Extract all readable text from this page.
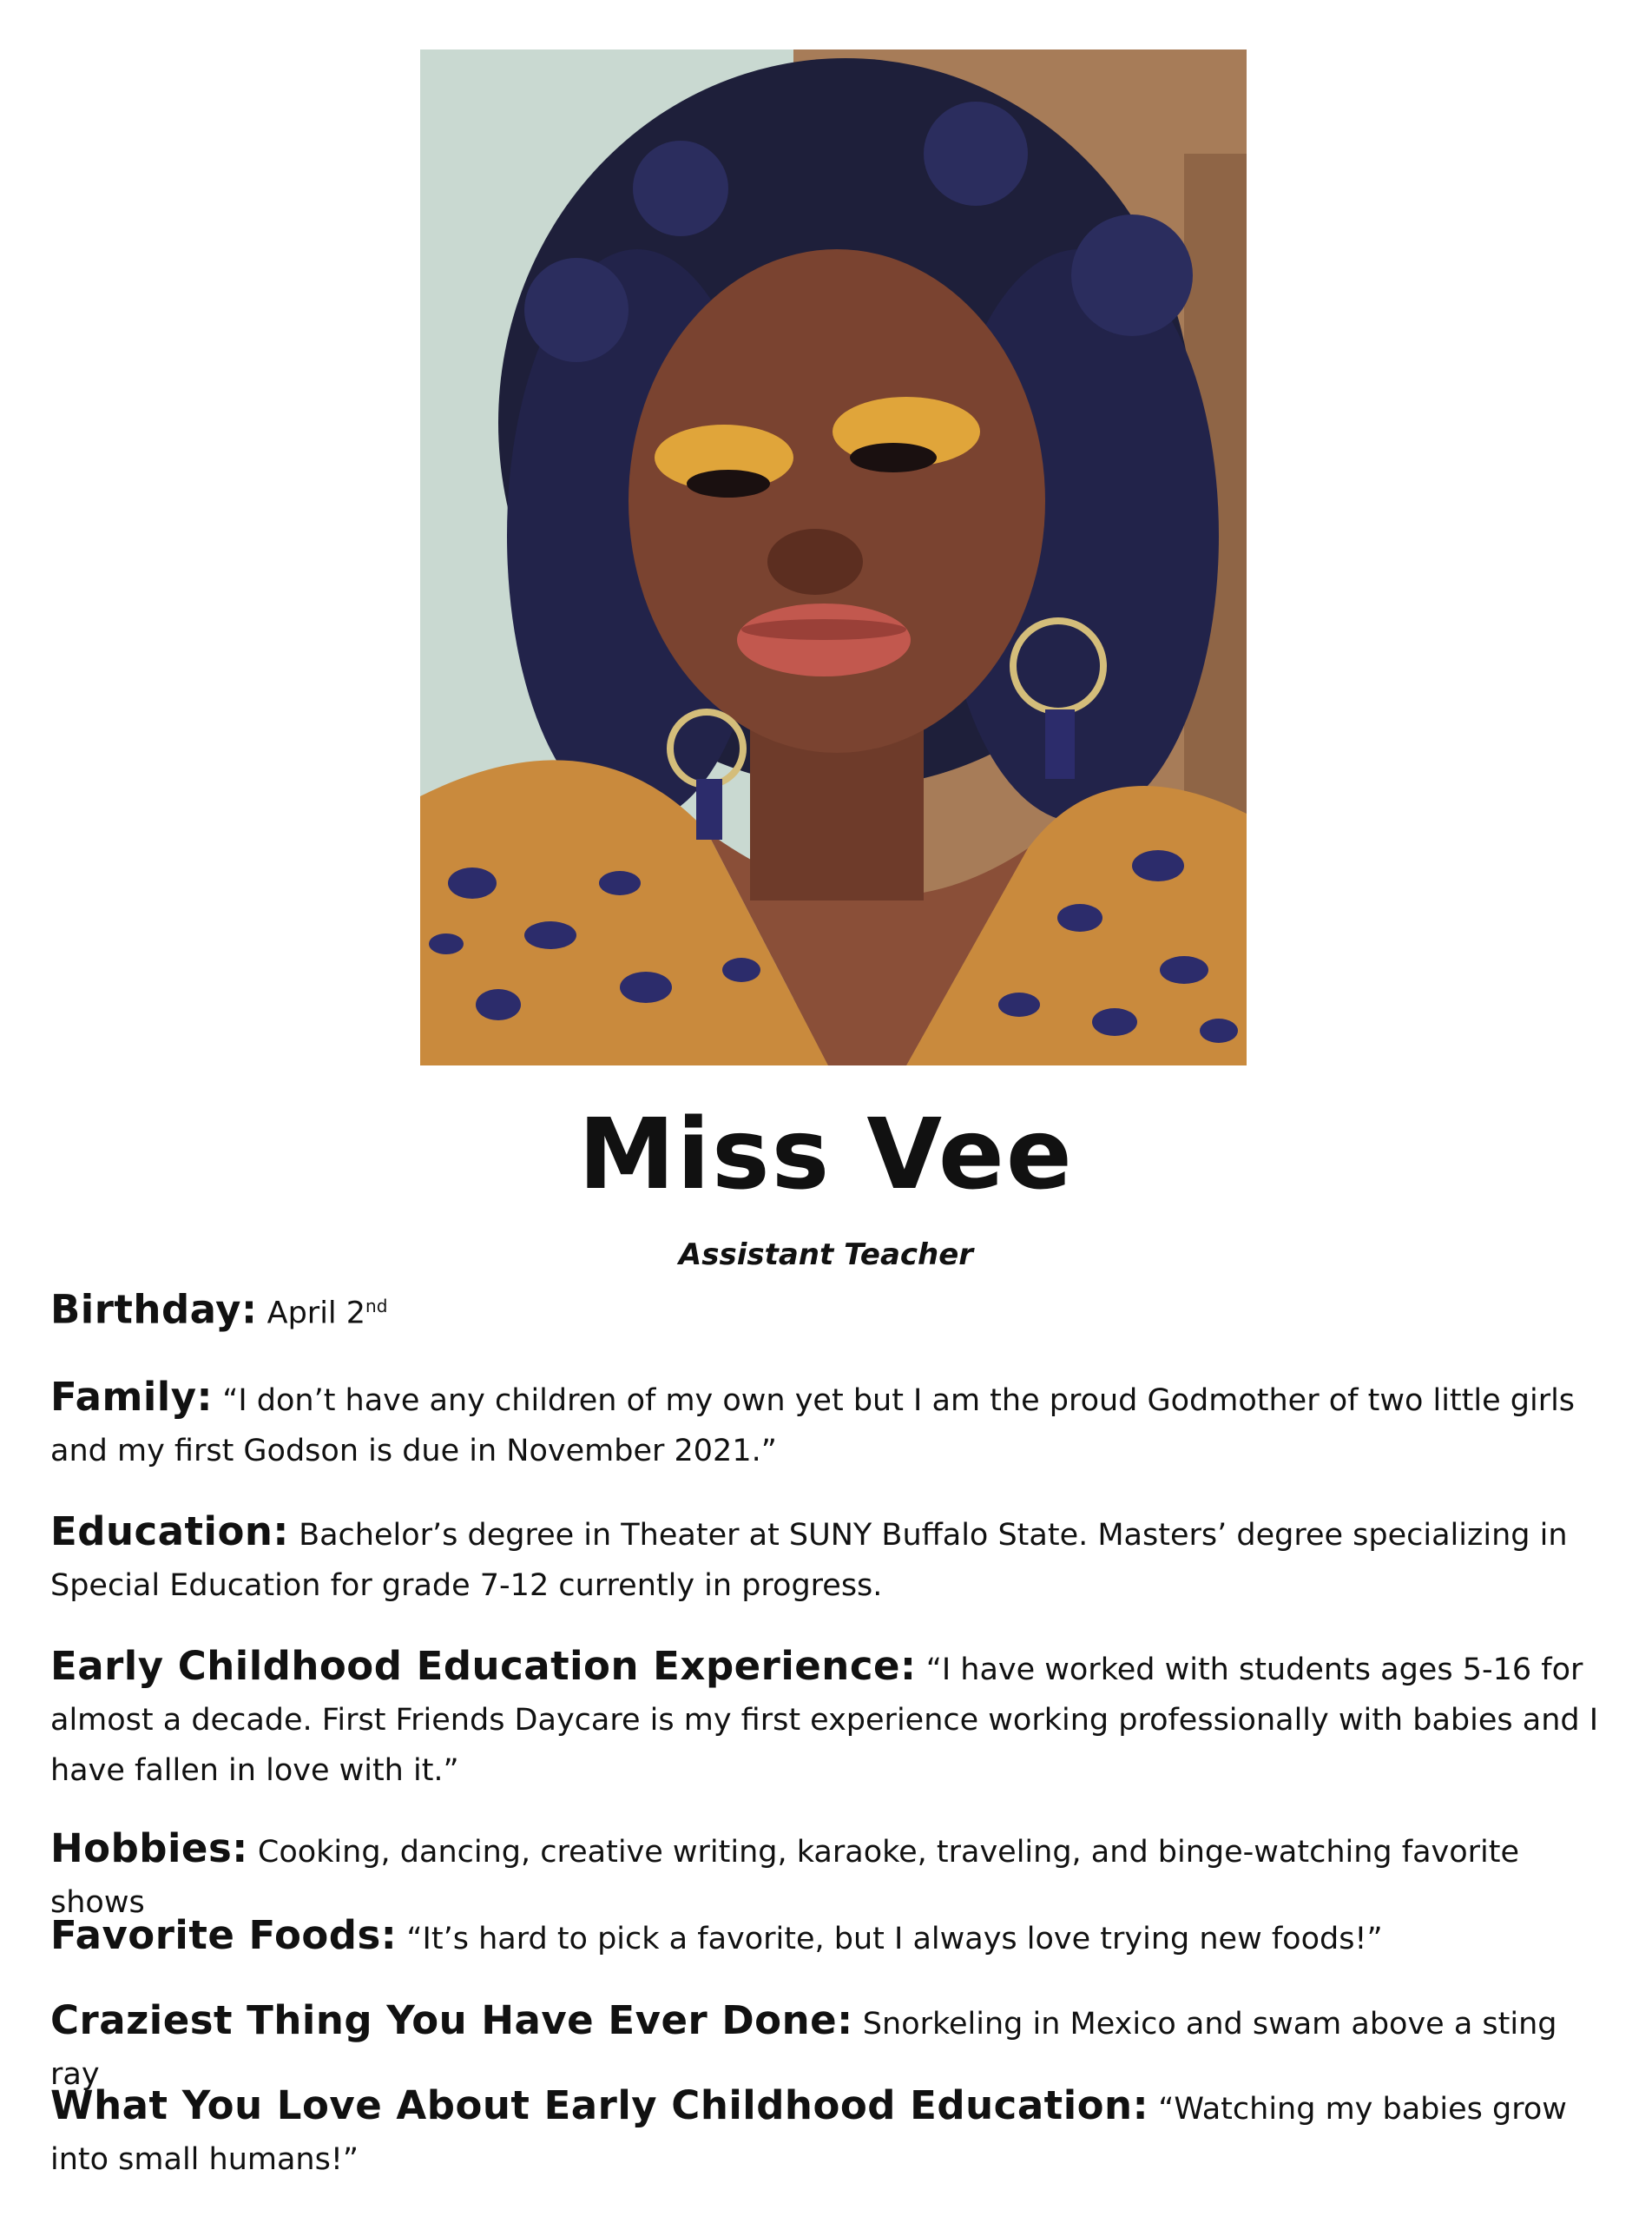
Miss Vee
Assistant Teacher
Birthday: April 2nd
Family: “I don’t have any children of my own yet but I am the proud Godmother of two little girls and my first Godson is due in November 2021.”
Education: Bachelor’s degree in Theater at SUNY Buffalo State. Masters’ degree specializing in Special Education for grade 7-12 currently in progress.
Early Childhood Education Experience: “I have worked with students ages 5-16 for almost a decade. First Friends Daycare is my first experience working professionally with babies and I have fallen in love with it.”
Hobbies: Cooking, dancing, creative writing, karaoke, traveling, and binge-watching favorite shows
Favorite Foods: “It’s hard to pick a favorite, but I always love trying new foods!”
Craziest Thing You Have Ever Done: Snorkeling in Mexico and swam above a sting ray
What You Love About Early Childhood Education: “Watching my babies grow into small humans!”
